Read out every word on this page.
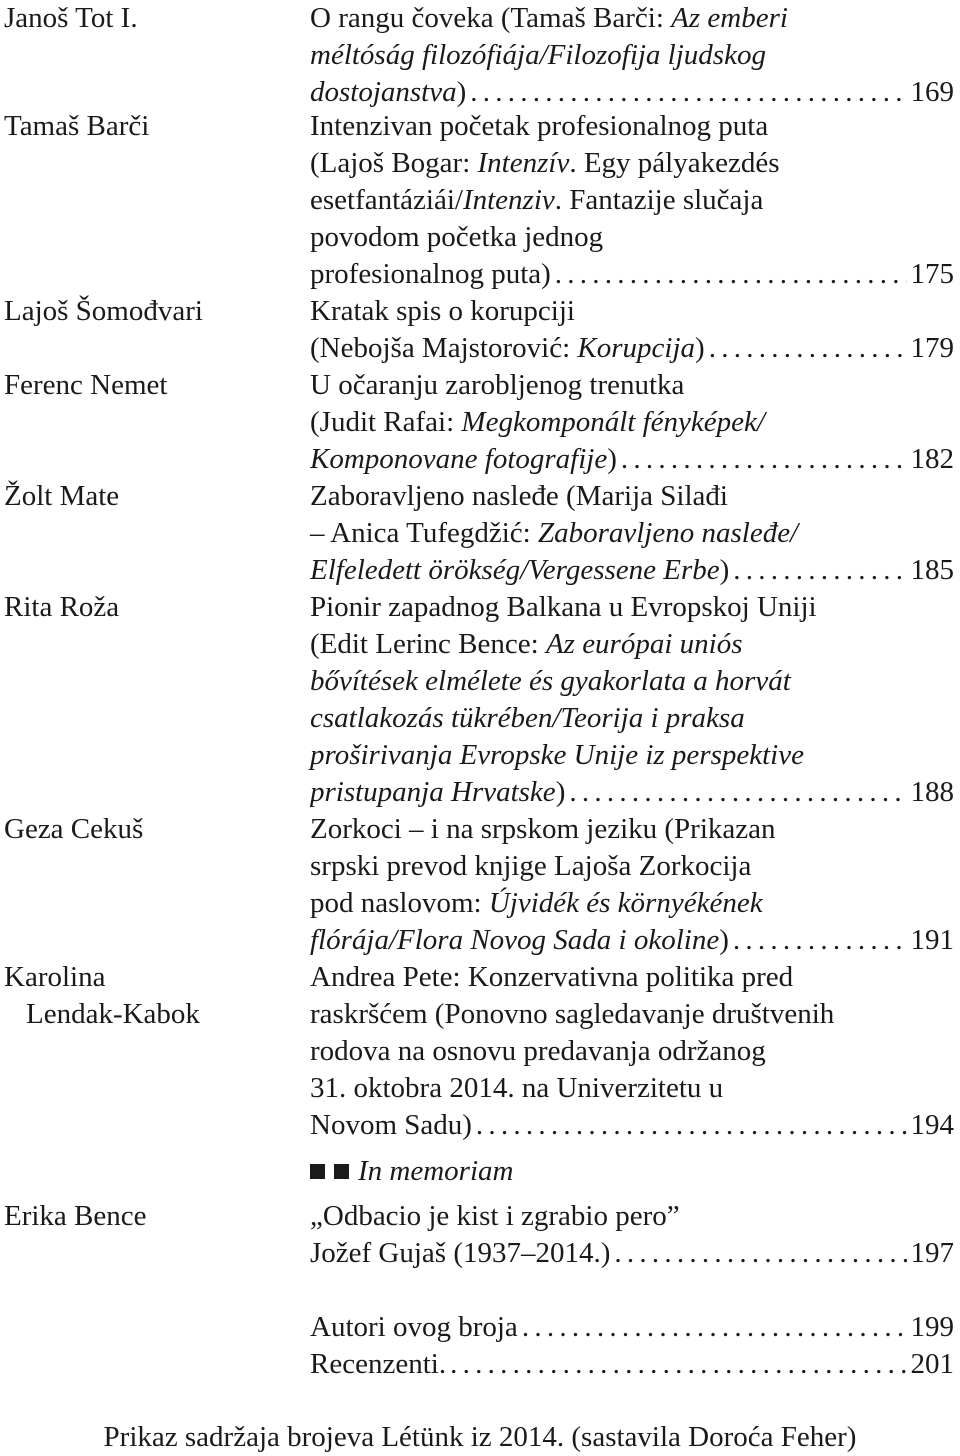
Janoš Tot I.	O rangu čoveka (Tamaš Barči: Az emberi
méltóság filozófiája/Filozofija ljudskog
dostojanstva) . . .	169
Tamaš Barči	Intenzivan početak profesionalnog puta
(Lajoš Bogar: Intenzív. Egy pályakezdés
esetfantáziái/Intenziv. Fantazije slučaja
povodom početka jednog
profesionalnog puta) . . .	175
Lajoš Šomođvari	Kratak spis o korupciji
(Nebojša Majstorović: Korupcija) . . .	179
Ferenc Nemet	U očaranju zarobljenog trenutka
(Judit Rafai: Megkomponált fényképek/
Komponovane fotografije) . . .	182
Žolt Mate	Zaboravljeno nasleđe (Marija Silađi
– Anica Tufegdžić: Zaboravljeno nasleđe/
Elfeledett örökség/Vergessene Erbe) . . .	185
Rita Roža	Pionir zapadnog Balkana u Evropskoj Uniji
(Edit Lerinc Bence: Az európai uniós
bővítések elmélete és gyakorlata a horvát
csatlakozás tükrében/Teorija i praksa
proširivanja Evropske Unije iz perspektive
pristupanja Hrvatske) . . .	188
Geza Cekuš	Zorkoci – i na srpskom jeziku (Prikazan
srpski prevod knjige Lajoša Zorkocija
pod naslovom: Újvidék és környékének
flórája/Flora Novog Sada i okoline) . . .	191
Karolina
Lendak-Kabok
Andrea Pete: Konzervativna politika pred
raskršćem (Ponovno sagledavanje društvenih
rodova na osnovu predavanja održanog
31. oktobra 2014. na Univerzitetu u
Novom Sadu) . . .	194
Erika Bence	„Odbacio je kist i zgrabio pero”
Jožef Gujaš (1937–2014.) . . .	197
Autori ovog broja . . .	199
Recenzenti. . . .	201
In memoriam
Prikaz sadržaja brojeva Létünk iz 2014. (sastavila Doroća Feher)
